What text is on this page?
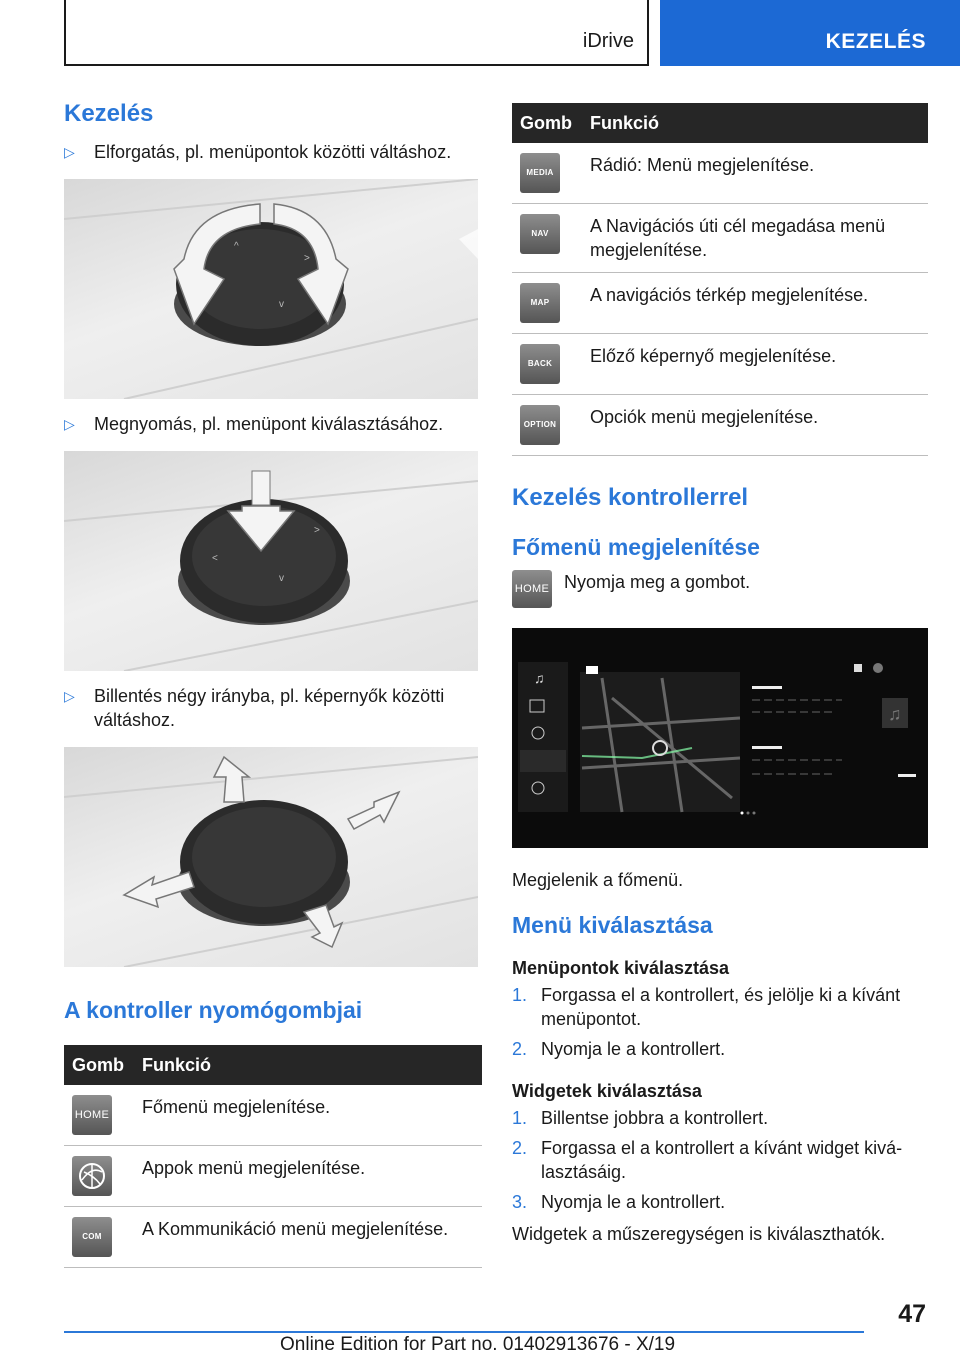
iDrive	KEZELÉS
Kezelés
▷ Elforgatás, pl. menüpontok közötti váltáshoz.
^
>
v
▷ Megnyomás, pl. menüpont kiválasztásához.
<
>
v
▷ Billentés négy irányba, pl. képernyők közötti váltáshoz.
A kontroller nyomógombjai
Gomb	Funkció

HOME	Főmenü megjelenítése.

	Appok menü megjelenítése.

COM	A Kommunikáció menü megjelenítése.
Gomb	Funkció

MEDIA	Rádió: Menü megjelenítése.

NAV	A Navigációs úti cél megadása menü megjelenítése.

MAP	A navigációs térkép megjelenítése.

BACK	Előző képernyő megjelenítése.

OPTION	Opciók menü megjelenítése.
Kezelés kontrollerrel
Főmenü megjelenítése
HOME Nyomja meg a gombot.
♫
♫
Megjelenik a főmenü.
Menü kiválasztása
Menüpontok kiválasztása
1. Forgassa el a kontrollert, és jelölje ki a kívánt menüpontot.
2. Nyomja le a kontrollert.
Widgetek kiválasztása
1. Billentse jobbra a kontrollert.
2. Forgassa el a kontrollert a kívánt widget kiválasztásáig.
3. Nyomja le a kontrollert.
Widgetek a műszeregységen is kiválaszthatók.
47
Online Edition for Part no. 01402913676 - X/19
